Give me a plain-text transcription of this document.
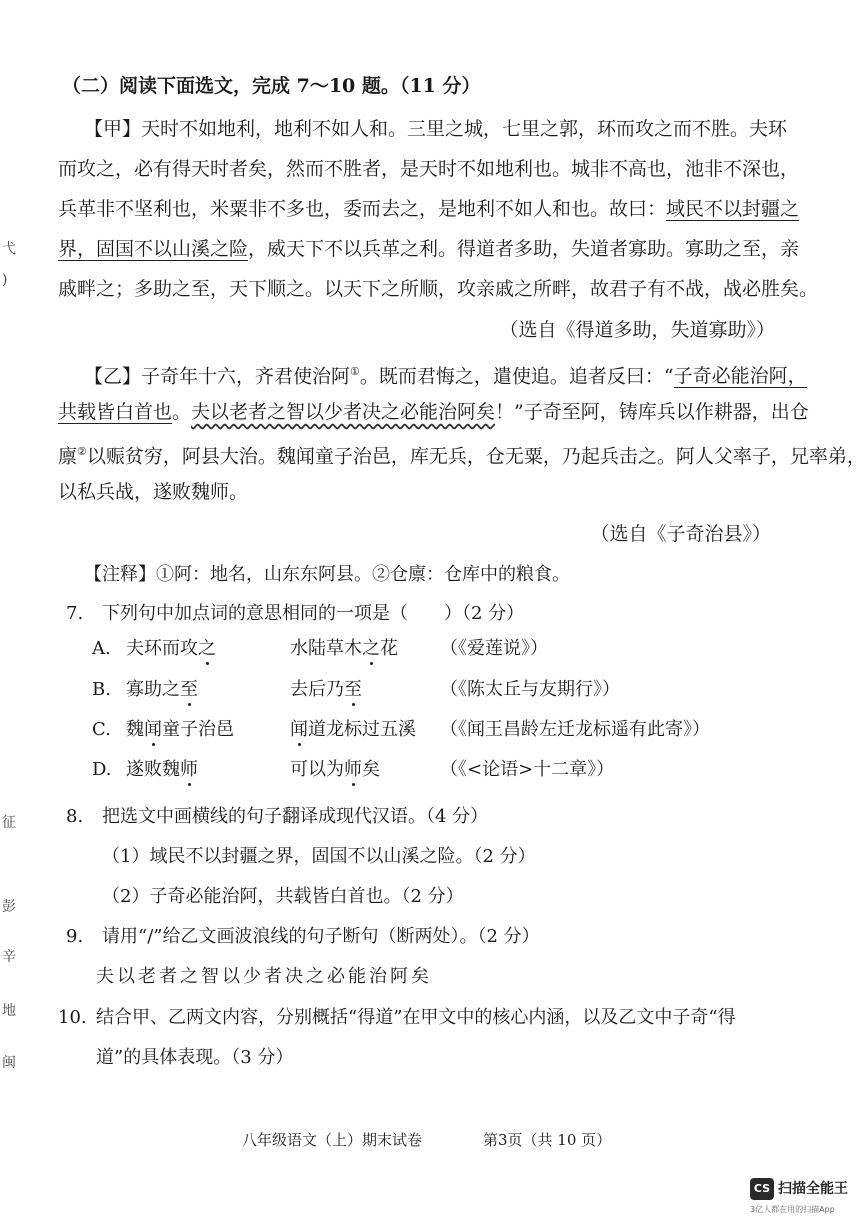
（二）阅读下面选文，完成 7～10 题。（11 分）
【甲】天时不如地利，地利不如人和。三里之城，七里之郭，环而攻之而不胜。夫环
而攻之，必有得天时者矣，然而不胜者，是天时不如地利也。城非不高也，池非不深也，
兵革非不坚利也，米粟非不多也，委而去之，是地利不如人和也。故曰：域民不以封疆之
界，固国不以山溪之险，威天下不以兵革之利。得道者多助，失道者寡助。寡助之至，亲
戚畔之；多助之至，天下顺之。以天下之所顺，攻亲戚之所畔，故君子有不战，战必胜矣。
（选自《得道多助，失道寡助》）
【乙】子奇年十六，齐君使治阿①。既而君悔之，遣使追。追者反曰：“子奇必能治阿，
共载皆白首也。夫以老者之智以少者决之必能治阿矣！”子奇至阿，铸库兵以作耕器，出仓
廪②以赈贫穷，阿县大治。魏闻童子治邑，库无兵，仓无粟，乃起兵击之。阿人父率子，兄率弟，
以私兵战，遂败魏师。
（选自《子奇治县》）
【注释】①阿：地名，山东东阿县。②仓廪：仓库中的粮食。
7. 下列句中加点词的意思相同的一项是（　　）（2 分）
A. 夫环而攻之	水陆草木之花 （《爱莲说》）
B. 寡助之至	去后乃至	（《陈太丘与友期行》）
C. 魏闻童子治邑	闻道龙标过五溪 （《闻王昌龄左迁龙标遥有此寄》）
D. 遂败魏师	可以为师矣	（《<论语>十二章》）
8. 把选文中画横线的句子翻译成现代汉语。（4 分）
（1）域民不以封疆之界，固国不以山溪之险。（2 分）
（2）子奇必能治阿，共载皆白首也。（2 分）
9. 请用“/”给乙文画波浪线的句子断句（断两处）。（2 分）
夫以老者之智以少者决之必能治阿矣
10. 结合甲、乙两文内容，分别概括“得道”在甲文中的核心内涵，以及乙文中子奇“得
道”的具体表现。（3 分）
弋
)
征
彭
辛
地
闽
八年级语文（上）期末试卷	第3页（共 10 页）
CS 扫描全能王
3亿人都在用的扫描App
